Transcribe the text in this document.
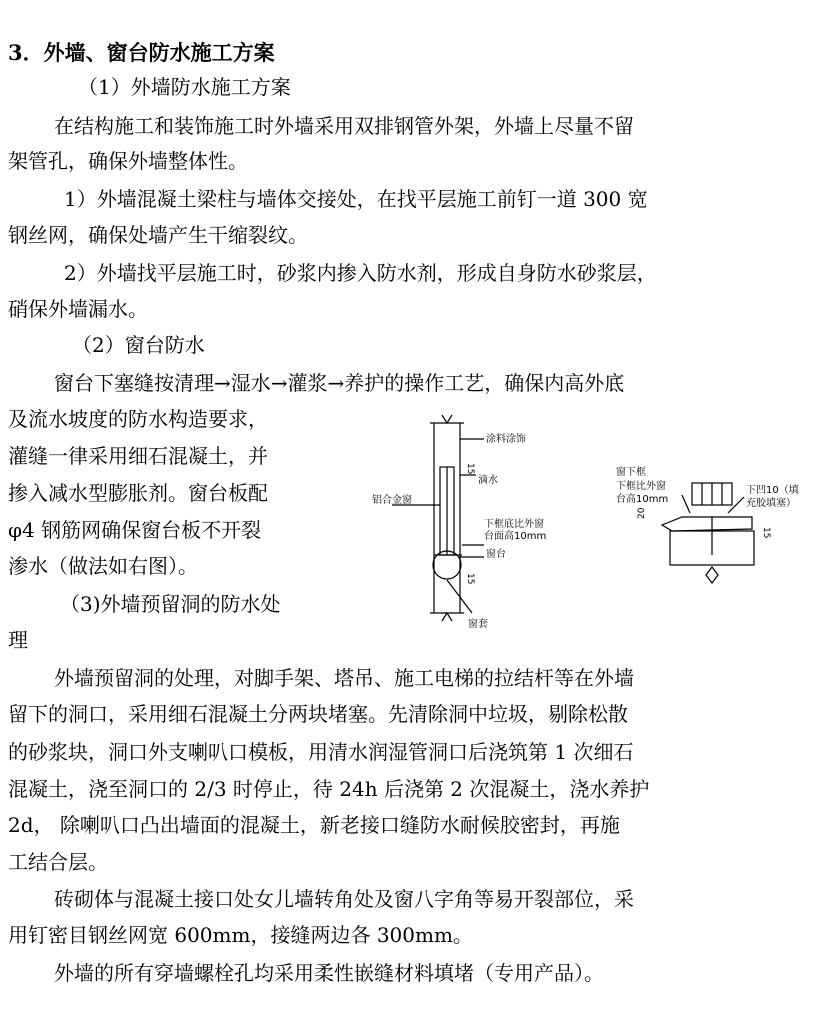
3．外墙、窗台防水施工方案
（1）外墙防水施工方案
在结构施工和装饰施工时外墙采用双排钢管外架，外墙上尽量不留
架管孔，确保外墙整体性。
1）外墙混凝土梁柱与墙体交接处，在找平层施工前钉一道 300 宽
钢丝网，确保处墙产生干缩裂纹。
2）外墙找平层施工时，砂浆内掺入防水剂，形成自身防水砂浆层，
硝保外墙漏水。
（2）窗台防水
窗台下塞缝按清理→湿水→灌浆→养护的操作工艺，确保内高外底
及流水坡度的防水构造要求，
灌缝一律采用细石混凝土，并
掺入减水型膨胀剂。窗台板配
φ4 钢筋网确保窗台板不开裂
渗水（做法如右图）。
（3)外墙预留洞的防水处
理
外墙预留洞的处理，对脚手架、塔吊、施工电梯的拉结杆等在外墙
留下的洞口，采用细石混凝土分两块堵塞。先清除洞中垃圾，剔除松散
的砂浆块，洞口外支喇叭口模板，用清水润湿管洞口后浇筑第 1 次细石
混凝土，浇至洞口的 2/3 时停止，待 24h 后浇第 2 次混凝土，浇水养护
2d， 除喇叭口凸出墙面的混凝土，新老接口缝防水耐候胶密封，再施
工结合层。
砖砌体与混凝土接口处女儿墙转角处及窗八字角等易开裂部位，采
用钉密目钢丝网宽 600mm，接缝两边各 300mm。
外墙的所有穿墙螺栓孔均采用柔性嵌缝材料填堵（专用产品）。
涂料涂饰
滴水
铝合金窗
下框底比外窗
台面高10mm
窗台
窗套
15
15
窗下框
下框比外窗
台高10mm
下凹10（填
充胶填塞）
20
15
